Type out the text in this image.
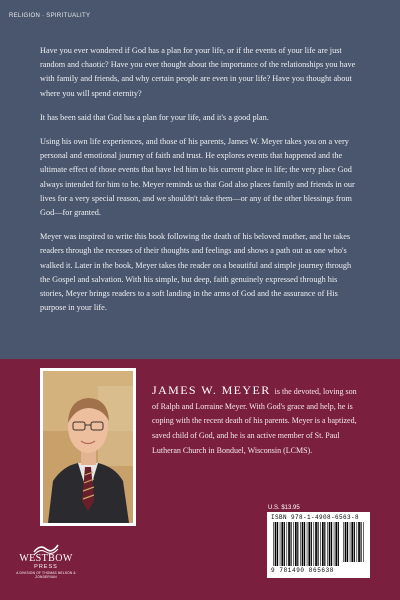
RELIGION · SPIRITUALITY

Have you ever wondered if God has a plan for your life, or if the events of your life are just random and chaotic? Have you ever thought about the importance of the relationships you have with family and friends, and why certain people are even in your life? Have you thought about where you will spend eternity?

It has been said that God has a plan for your life, and it's a good plan.

Using his own life experiences, and those of his parents, James W. Meyer takes you on a very personal and emotional journey of faith and trust. He explores events that happened and the ultimate effect of those events that have led him to his current place in life; the very place God always intended for him to be. Meyer reminds us that God also places family and friends in our lives for a very special reason, and we shouldn't take them—or any of the other blessings from God—for granted.

Meyer was inspired to write this book following the death of his beloved mother, and he takes readers through the recesses of their thoughts and feelings and shows a path out as one who's walked it. Later in the book, Meyer takes the reader on a beautiful and simple journey through the Gospel and salvation. With his simple, but deep, faith genuinely expressed through his stories, Meyer brings readers to a soft landing in the arms of God and the assurance of His purpose in your life.

JAMES W. MEYER is the devoted, loving son of Ralph and Lorraine Meyer. With God's grace and help, he is coping with the recent death of his parents. Meyer is a baptized, saved child of God, and he is an active member of St. Paul Lutheran Church in Bonduel, Wisconsin (LCMS).
U.S. $13.95
ISBN 978-1-4908-6563-8
9 781490 865638
WESTBOW
PRESS
A DIVISION OF THOMAS NELSON & ZONDERVAN
